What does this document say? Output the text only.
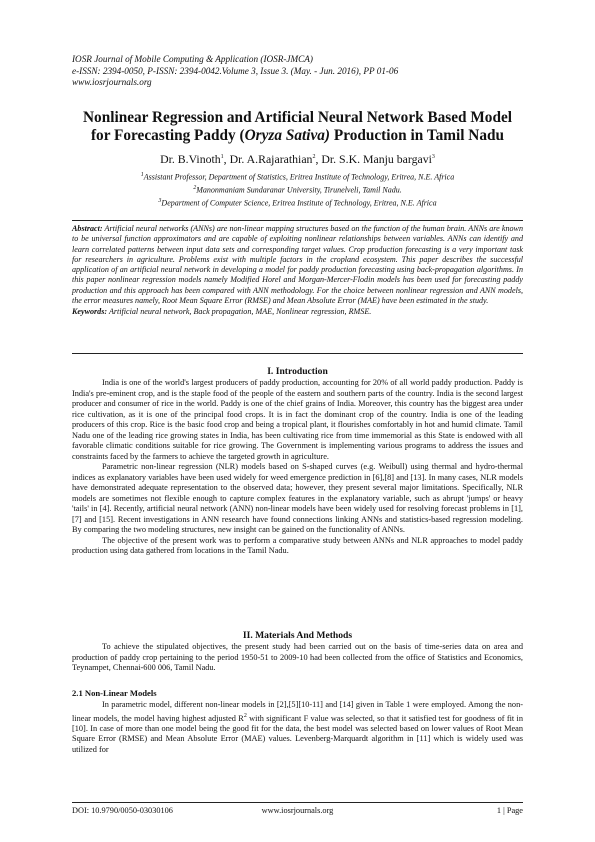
IOSR Journal of Mobile Computing & Application (IOSR-JMCA)
e-ISSN: 2394-0050, P-ISSN: 2394-0042.Volume 3, Issue 3. (May. - Jun. 2016), PP 01-06
www.iosrjournals.org
Nonlinear Regression and Artificial Neural Network Based Model
for Forecasting Paddy (Oryza Sativa) Production in Tamil Nadu
Dr. B.Vinoth$^1$, Dr. A.Rajarathian$^2$, Dr. S.K. Manju bargavi$^3$
$^1$Assistant Professor, Department of Statistics, Eritrea Institute of Technology, Eritrea, N.E. Africa
$^2$Manonmaniam Sundaranar University, Tirunelveli, Tamil Nadu.
$^3$Department of Computer Science, Eritrea Institute of Technology, Eritrea, N.E. Africa

Abstract: Artificial neural networks (ANNs) are non-linear mapping structures based on the function of the human brain. ANNs are known to be universal function approximators and are capable of exploiting nonlinear relationships between variables. ANNs can identify and learn correlated patterns between input data sets and corresponding target values. Crop production forecasting is a very important task for researchers in agriculture. Problems exist with multiple factors in the cropland ecosystem. This paper describes the successful application of an artificial neural network in developing a model for paddy production forecasting using back-propagation algorithms. In this paper nonlinear regression models namely Modified Horel and Morgan-Mercer-Flodin models has been used for forecasting paddy production and this approach has been compared with ANN methodology. For the choice between nonlinear regression and ANN models, the error measures namely, Root Mean Square Error (RMSE) and Mean Absolute Error (MAE) have been estimated in the study.

Keywords: Artificial neural network, Back propagation, MAE, Nonlinear regression, RMSE.

I. Introduction

India is one of the world's largest producers of paddy production, accounting for 20% of all world paddy production. Paddy is India's pre-eminent crop, and is the staple food of the people of the eastern and southern parts of the country. India is the second largest producer and consumer of rice in the world. Paddy is one of the chief grains of India. Moreover, this country has the biggest area under rice cultivation, as it is one of the principal food crops. It is in fact the dominant crop of the country. India is one of the leading producers of this crop. Rice is the basic food crop and being a tropical plant, it flourishes comfortably in hot and humid climate. Tamil Nadu one of the leading rice growing states in India, has been cultivating rice from time immemorial as this State is endowed with all favorable climatic conditions suitable for rice growing. The Government is implementing various programs to address the issues and constraints faced by the farmers to achieve the targeted growth in agriculture.

Parametric non-linear regression (NLR) models based on S-shaped curves (e.g. Weibull) using thermal and hydro-thermal indices as explanatory variables have been used widely for weed emergence prediction in [6],[8] and [13]. In many cases, NLR models have demonstrated adequate representation to the observed data; however, they present several major limitations. Specifically, NLR models are sometimes not flexible enough to capture complex features in the explanatory variable, such as abrupt 'jumps' or heavy 'tails' in [4]. Recently, artificial neural network (ANN) non-linear models have been widely used for resolving forecast problems in [1],[7] and [15]. Recent investigations in ANN research have found connections linking ANNs and statistics-based regression modeling. By comparing the two modeling structures, new insight can be gained on the functionality of ANNs.

The objective of the present work was to perform a comparative study between ANNs and NLR approaches to model paddy production using data gathered from locations in the Tamil Nadu.

II. Materials And Methods

To achieve the stipulated objectives, the present study had been carried out on the basis of time-series data on area and production of paddy crop pertaining to the period 1950-51 to 2009-10 had been collected from the office of Statistics and Economics, Teynampet, Chennai-600 006, Tamil Nadu.

2.1 Non-Linear Models

In parametric model, different non-linear models in [2],[5][10-11] and [14] given in Table 1 were employed. Among the non-linear models, the model having highest adjusted $R^2$ with significant F value was selected, so that it satisfied test for goodness of fit in [10]. In case of more than one model being the good fit for the data, the best model was selected based on lower values of Root Mean Square Error (RMSE) and Mean Absolute Error (MAE) values. Levenberg-Marquardt algorithm in [11] which is widely used was utilized for

DOI: 10.9790/0050-03030106	www.iosrjournals.org	1 | Page
